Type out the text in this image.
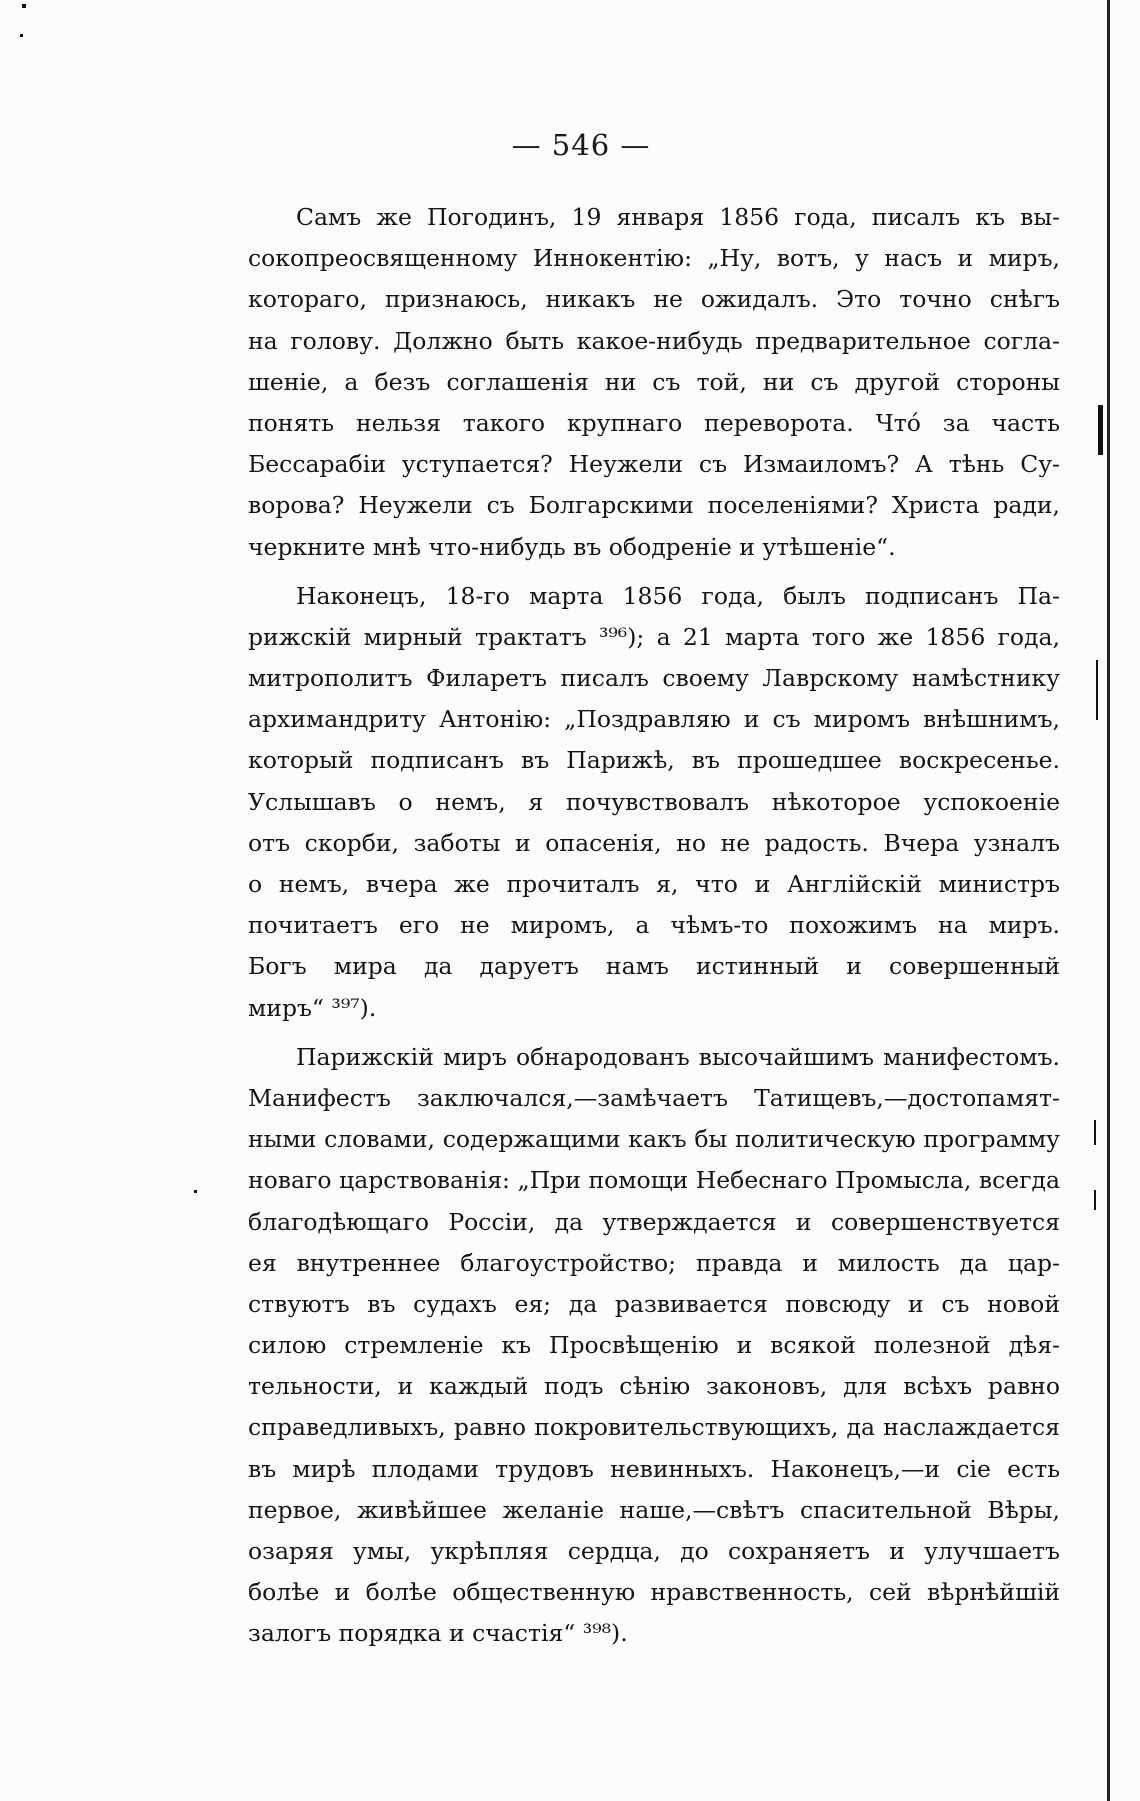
— 546 —
Самъ же Погодинъ, 19 января 1856 года, писалъ къ вы-
сокопреосвященному Иннокентію: „Ну, вотъ, у насъ и миръ,
котораго, признаюсь, никакъ не ожидалъ. Это точно снѣгъ
на голову. Должно быть какое-нибудь предварительное согла-
шеніе, а безъ соглашенія ни съ той, ни съ другой стороны
понять нельзя такого крупнаго переворота. Чтó за часть
Бессарабіи уступается? Неужели съ Измаиломъ? А тѣнь Су-
ворова? Неужели съ Болгарскими поселеніями? Христа ради,
черкните мнѣ что-нибудь въ ободреніе и утѣшеніе“.
Наконецъ, 18-го марта 1856 года, былъ подписанъ Па-
рижскій мирный трактатъ ³⁹⁶); а 21 марта того же 1856 года,
митрополитъ Филаретъ писалъ своему Лаврскому намѣстнику
архимандриту Антонію: „Поздравляю и съ миромъ внѣшнимъ,
который подписанъ въ Парижѣ, въ прошедшее воскресенье.
Услышавъ о немъ, я почувствовалъ нѣкоторое успокоеніе
отъ скорби, заботы и опасенія, но не радость. Вчера узналъ
о немъ, вчера же прочиталъ я, что и Англійскій министръ
почитаетъ его не миромъ, а чѣмъ-то похожимъ на миръ.
Богъ мира да даруетъ намъ истинный и совершенный
миръ“ ³⁹⁷).
Парижскій миръ обнародованъ высочайшимъ манифестомъ.
Манифестъ заключался,—замѣчаетъ Татищевъ,—достопамят-
ными словами, содержащими какъ бы политическую программу
новаго царствованія: „При помощи Небеснаго Промысла, всегда
благодѣющаго Россіи, да утверждается и совершенствуется
ея внутреннее благоустройство; правда и милость да цар-
ствуютъ въ судахъ ея; да развивается повсюду и съ новой
силою стремленіе къ Просвѣщенію и всякой полезной дѣя-
тельности, и каждый подъ сѣнію законовъ, для всѣхъ равно
справедливыхъ, равно покровительствующихъ, да наслаждается
въ мирѣ плодами трудовъ невинныхъ. Наконецъ,—и сіе есть
первое, живѣйшее желаніе наше,—свѣтъ спасительной Вѣры,
озаряя умы, укрѣпляя сердца, до сохраняетъ и улучшаетъ
болѣе и болѣе общественную нравственность, сей вѣрнѣйшій
залогъ порядка и счастія“ ³⁹⁸).
